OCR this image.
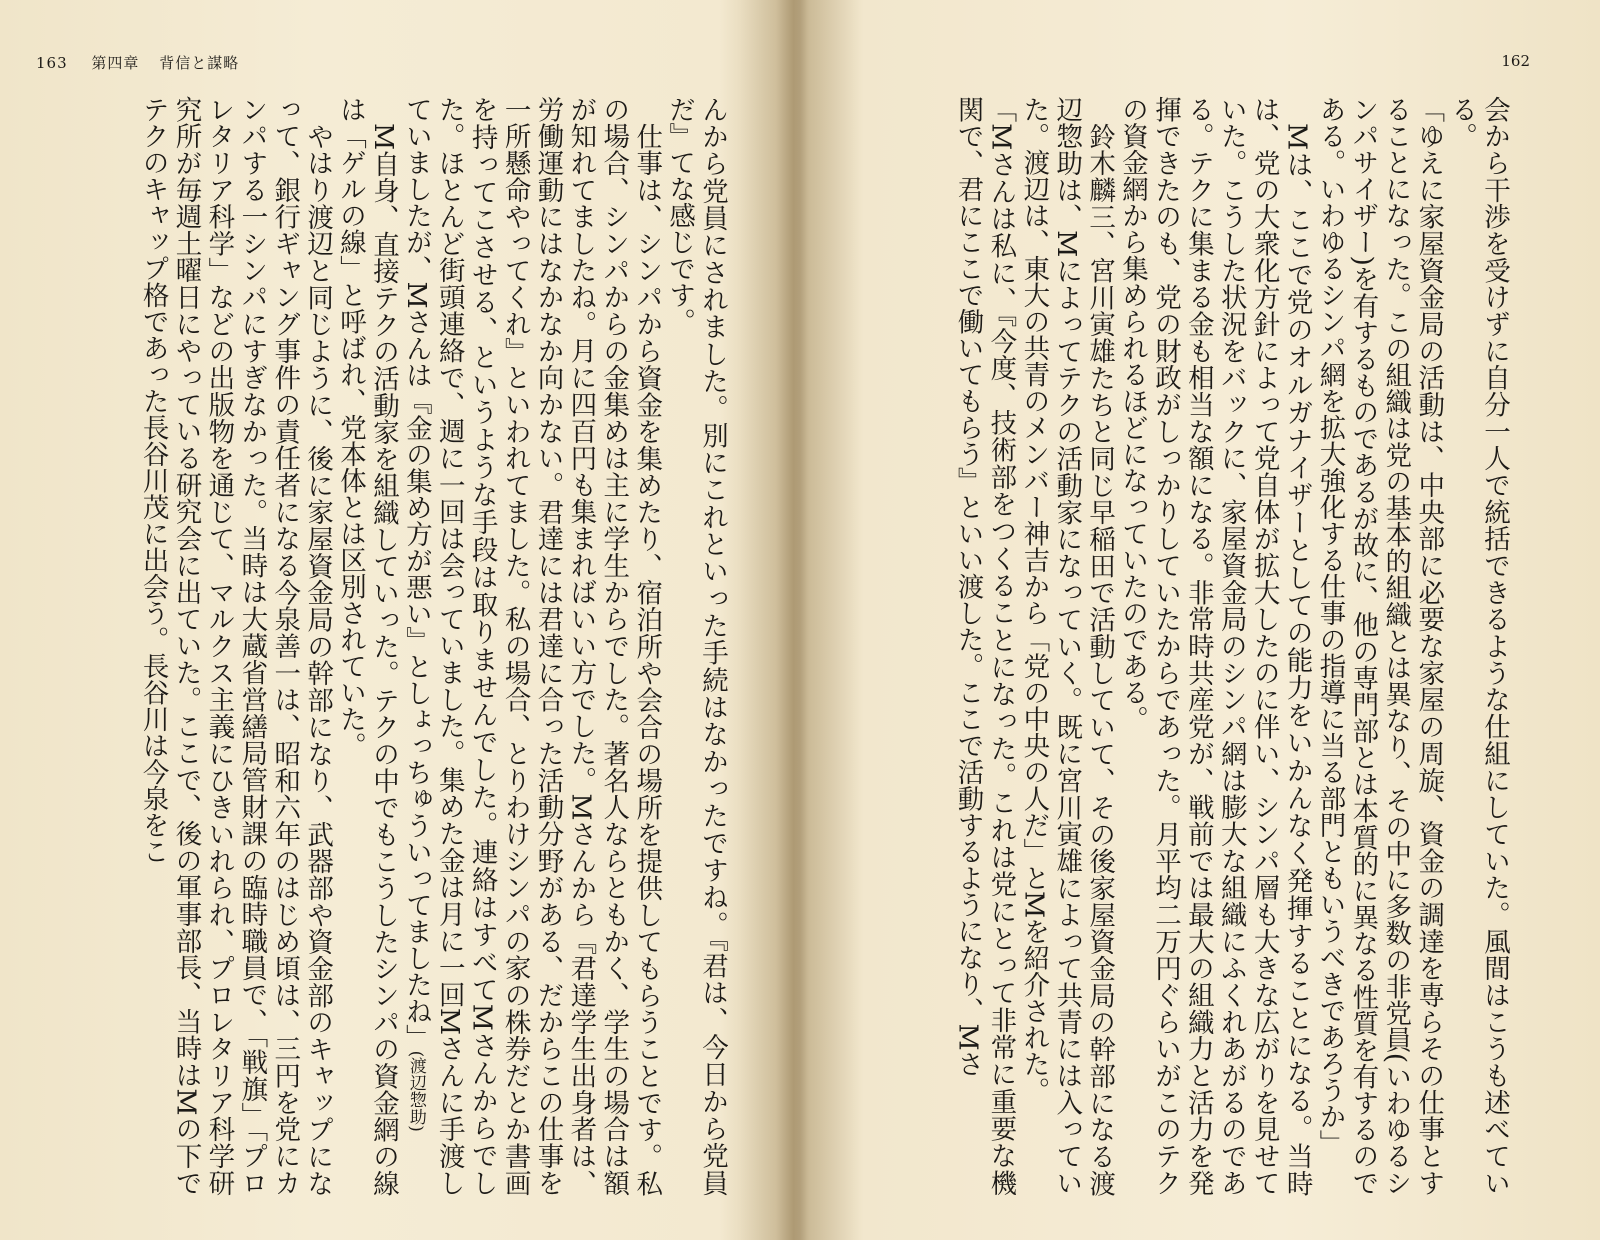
163 第四章 背信と謀略

んから党員にされました。別にこれといった手続はなかったですね。『君は、今日から党員だ』てな感じです。

仕事は、シンパから資金を集めたり、宿泊所や会合の場所を提供してもらうことです。私の場合、シンパからの金集めは主に学生からでした。著名人ならともかく、学生の場合は額が知れてましたね。月に四百円も集まればいい方でした。Mさんから『君達学生出身者は、労働運動にはなかなか向かない。君達には君達に合った活動分野がある、だからこの仕事を一所懸命やってくれ』といわれてました。私の場合、とりわけシンパの家の株券だとか書画を持ってこさせる、というような手段は取りませんでした。連絡はすべてMさんからでした。ほとんど街頭連絡で、週に一回は会っていました。集めた金は月に一回Mさんに手渡していましたが、Mさんは『金の集め方が悪い』としょっちゅういってましたね」(渡辺惣助)

M自身、直接テクの活動家を組織していった。テクの中でもこうしたシンパの資金網の線は「ゲルの線」と呼ばれ、党本体とは区別されていた。

やはり渡辺と同じように、後に家屋資金局の幹部になり、武器部や資金部のキャップになって、銀行ギャング事件の責任者になる今泉善一は、昭和六年のはじめ頃は、三円を党にカンパする一シンパにすぎなかった。当時は大蔵省営繕局管財課の臨時職員で、「戦旗」「プロレタリア科学」などの出版物を通じて、マルクス主義にひきいれられ、プロレタリア科学研究所が毎週土曜日にやっている研究会に出ていた。ここで、後の軍事部長、当時はMの下でテクのキャップ格であった長谷川茂に出会う。長谷川は今泉をこ

162

会から干渉を受けずに自分一人で統括できるような仕組にしていた。風間はこうも述べている。

「ゆえに家屋資金局の活動は、中央部に必要な家屋の周旋、資金の調達を専らその仕事とすることになった。この組織は党の基本的組織とは異なり、その中に多数の非党員(いわゆるシンパサイザー)を有するものであるが故に、他の専門部とは本質的に異なる性質を有するのである。いわゆるシンパ網を拡大強化する仕事の指導に当る部門ともいうべきであろうか」

Mは、ここで党のオルガナイザーとしての能力をいかんなく発揮することになる。当時は、党の大衆化方針によって党自体が拡大したのに伴い、シンパ層も大きな広がりを見せていた。こうした状況をバックに、家屋資金局のシンパ網は膨大な組織にふくれあがるのである。テクに集まる金も相当な額になる。非常時共産党が、戦前では最大の組織力と活力を発揮できたのも、党の財政がしっかりしていたからであった。月平均二万円ぐらいがこのテクの資金網から集められるほどになっていたのである。

鈴木麟三、宮川寅雄たちと同じ早稲田で活動していて、その後家屋資金局の幹部になる渡辺惣助は、Mによってテクの活動家になっていく。既に宮川寅雄によって共青には入っていた。渡辺は、東大の共青のメンバー神吉から「党の中央の人だ」とMを紹介された。

「Mさんは私に、『今度、技術部をつくることになった。これは党にとって非常に重要な機関で、君にここで働いてもらう』といい渡した。ここで活動するようになり、Mさ
